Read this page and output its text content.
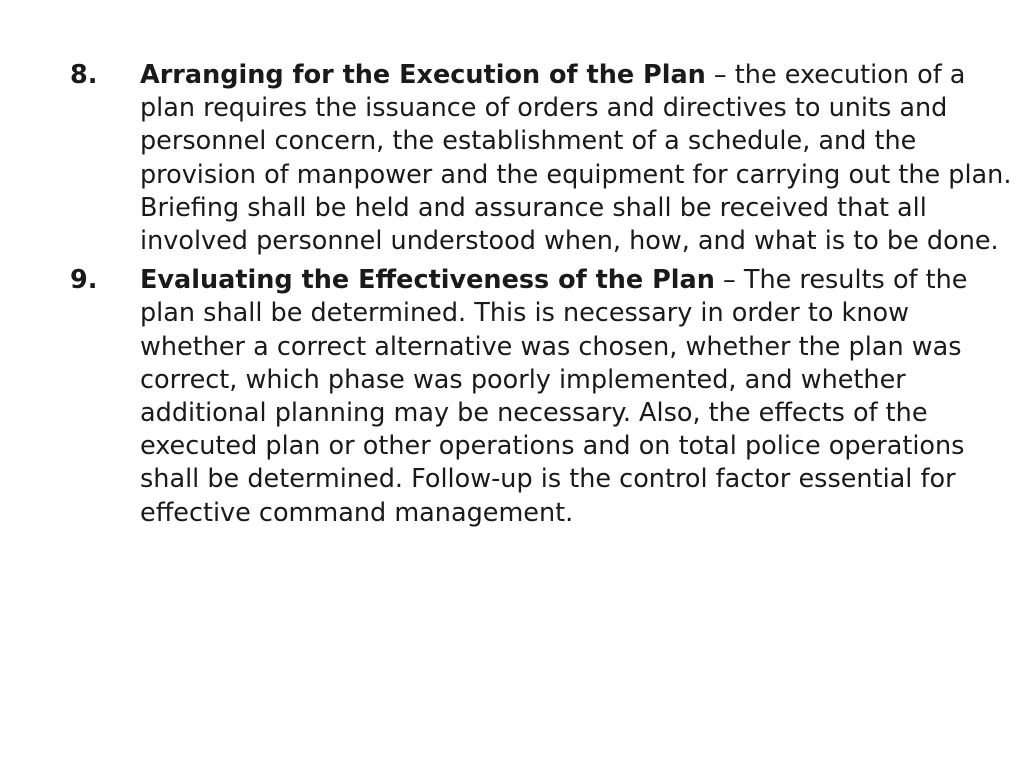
8. Arranging for the Execution of the Plan – the execution of a plan requires the issuance of orders and directives to units and personnel concern, the establishment of a schedule, and the provision of manpower and the equipment for carrying out the plan. Briefing shall be held and assurance shall be received that all involved personnel understood when, how, and what is to be done.
9. Evaluating the Effectiveness of the Plan – The results of the plan shall be determined. This is necessary in order to know whether a correct alternative was chosen, whether the plan was correct, which phase was poorly implemented, and whether additional planning may be necessary. Also, the effects of the executed plan or other operations and on total police operations shall be determined. Follow-up is the control factor essential for effective command management.
